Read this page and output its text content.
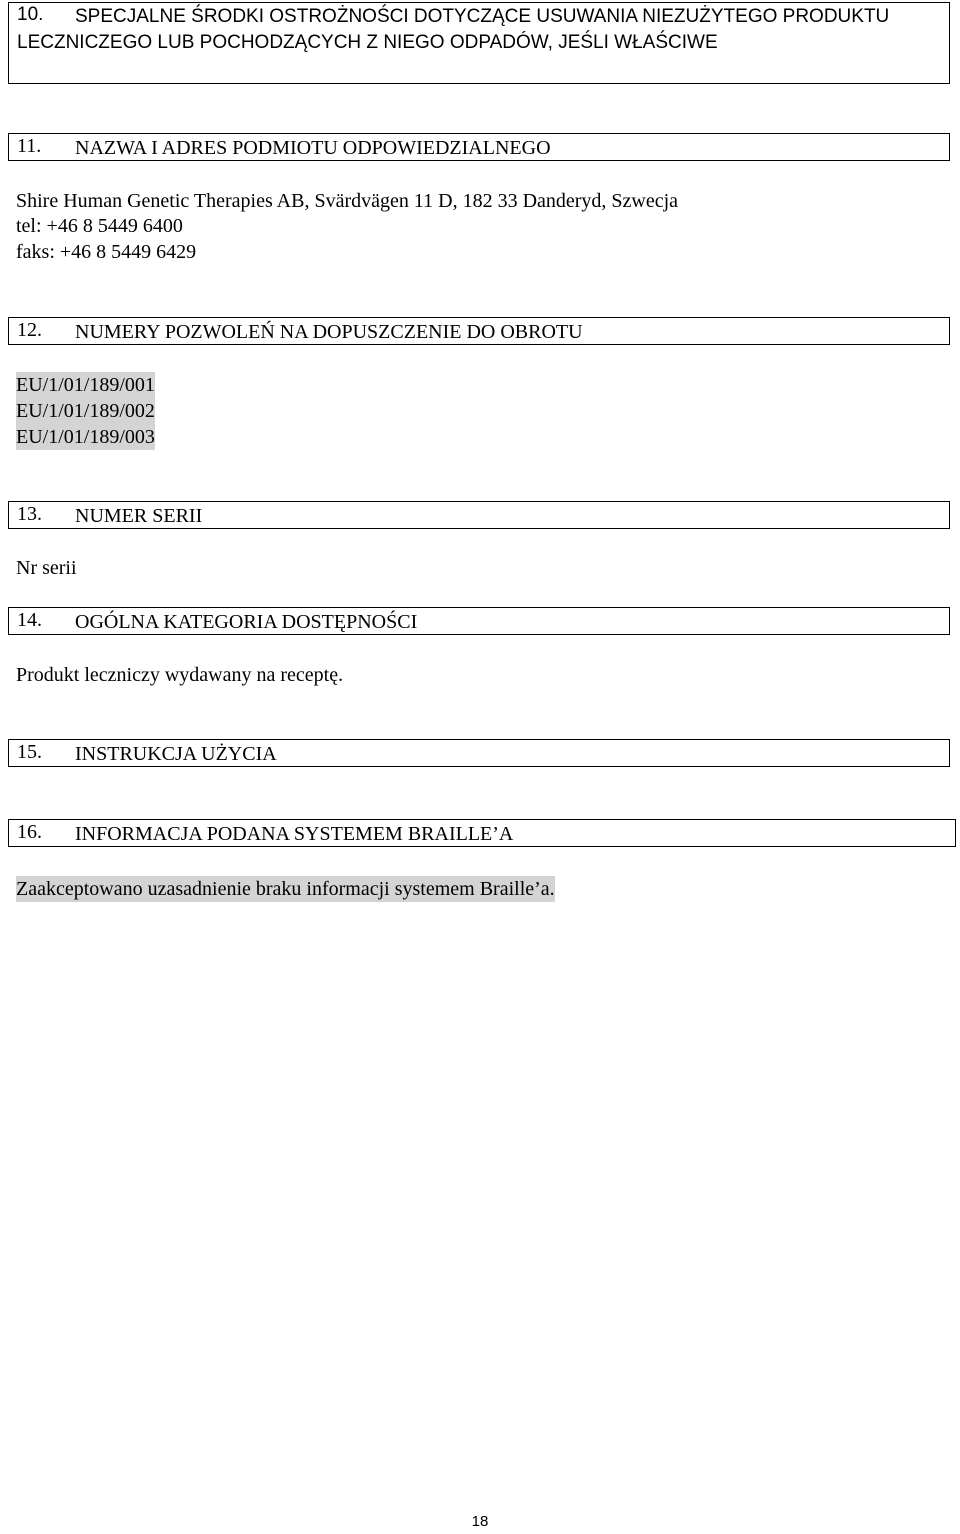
10.	SPECJALNE ŚRODKI OSTROŻNOŚCI DOTYCZĄCE USUWANIA NIEZUŻYTEGO PRODUKTU LECZNICZEGO LUB POCHODZĄCYCH Z NIEGO ODPADÓW, JEŚLI WŁAŚCIWE
11. NAZWA I ADRES PODMIOTU ODPOWIEDZIALNEGO
Shire Human Genetic Therapies AB, Svärdvägen 11 D, 182 33 Danderyd, Szwecja
tel: +46 8 5449 6400
faks: +46 8 5449 6429
12. NUMERY POZWOLEŃ NA DOPUSZCZENIE DO OBROTU
EU/1/01/189/001
EU/1/01/189/002
EU/1/01/189/003
13. NUMER SERII
Nr serii
14. OGÓLNA KATEGORIA DOSTĘPNOŚCI
Produkt leczniczy wydawany na receptę.
15. INSTRUKCJA UŻYCIA
16. INFORMACJA PODANA SYSTEMEM BRAILLE’A
Zaakceptowano uzasadnienie braku informacji systemem Braille’a.
18
